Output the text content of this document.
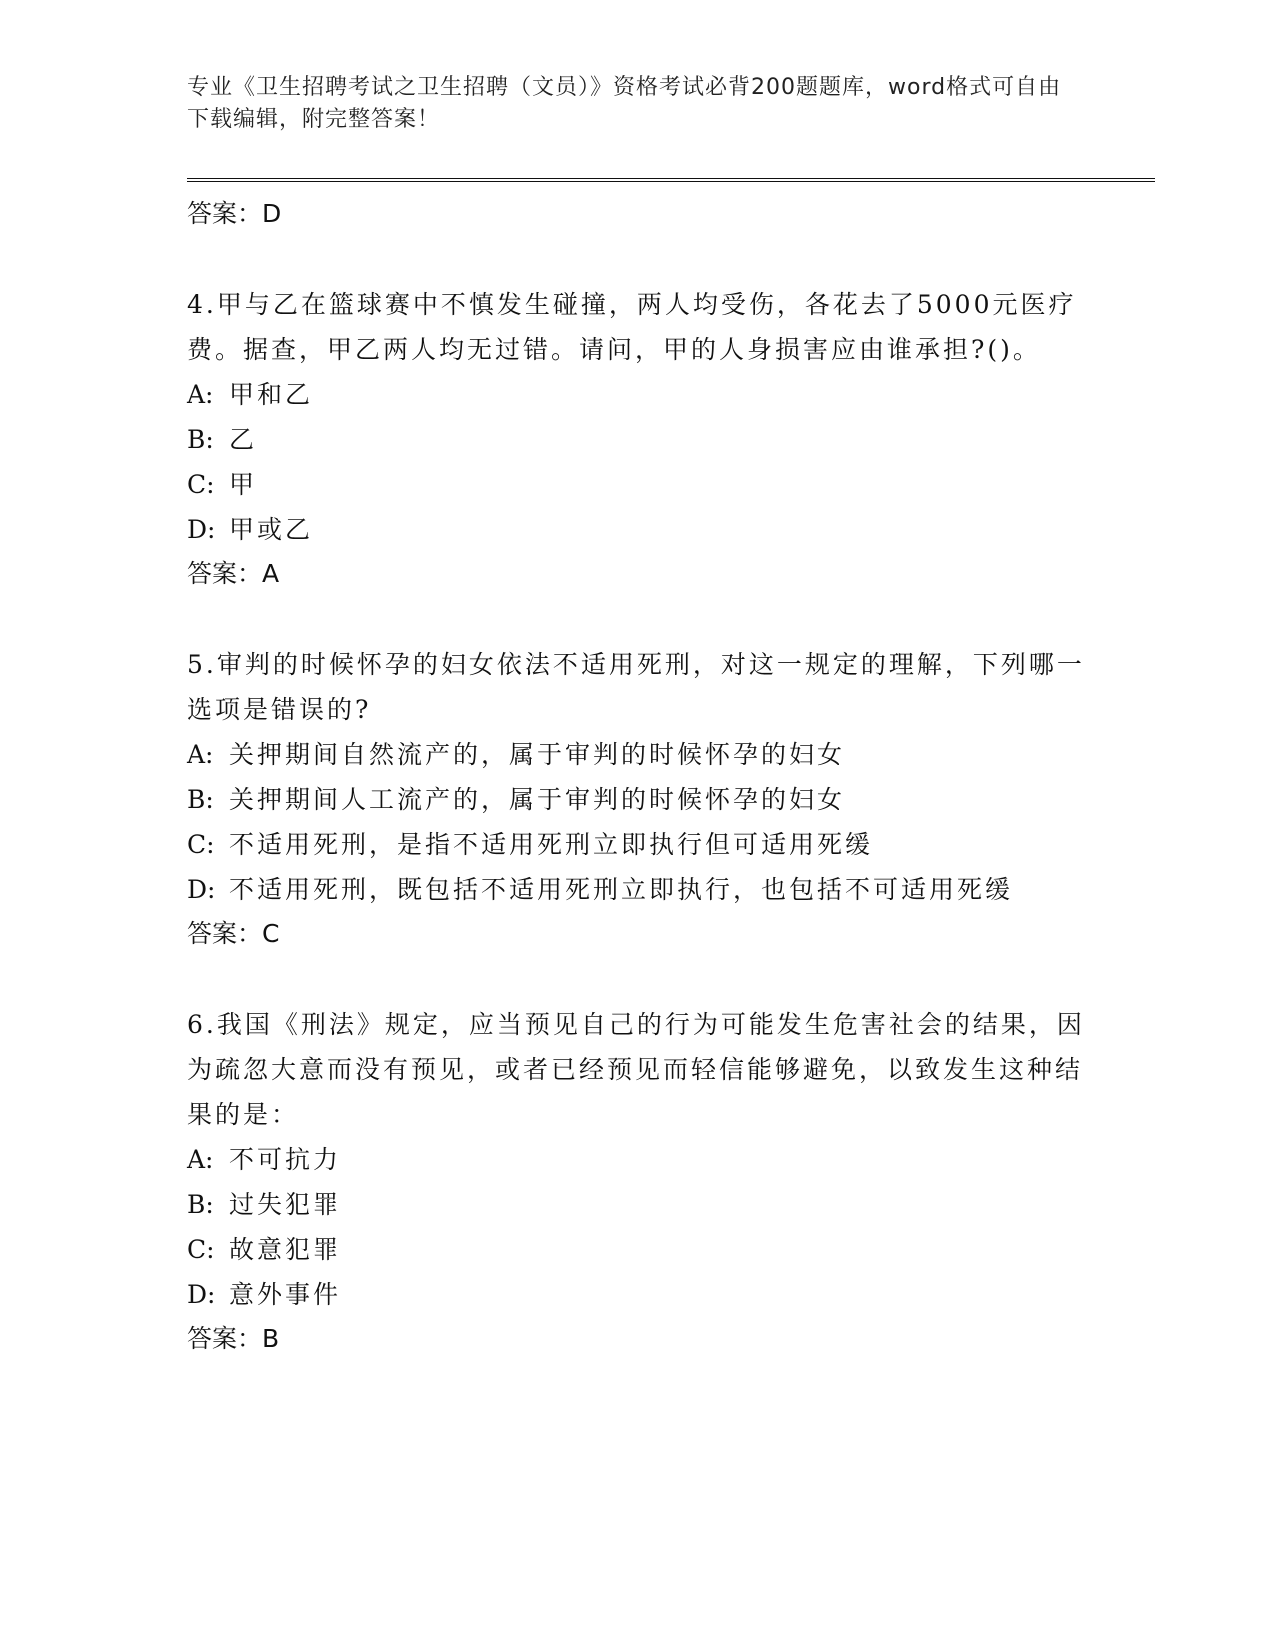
专业《卫生招聘考试之卫生招聘（文员）》资格考试必背200题题库，word格式可自由下载编辑，附完整答案！

答案：D

4.甲与乙在篮球赛中不慎发生碰撞，两人均受伤，各花去了5000元医疗费。据查，甲乙两人均无过错。请问，甲的人身损害应由谁承担?()。

A: 甲和乙

B: 乙

C: 甲

D: 甲或乙

答案：A

5.审判的时候怀孕的妇女依法不适用死刑，对这一规定的理解，下列哪一选项是错误的?

A: 关押期间自然流产的，属于审判的时候怀孕的妇女

B: 关押期间人工流产的，属于审判的时候怀孕的妇女

C: 不适用死刑，是指不适用死刑立即执行但可适用死缓

D: 不适用死刑，既包括不适用死刑立即执行，也包括不可适用死缓

答案：C

6.我国《刑法》规定，应当预见自己的行为可能发生危害社会的结果，因为疏忽大意而没有预见，或者已经预见而轻信能够避免，以致发生这种结果的是：

A: 不可抗力

B: 过失犯罪

C: 故意犯罪

D: 意外事件

答案：B
